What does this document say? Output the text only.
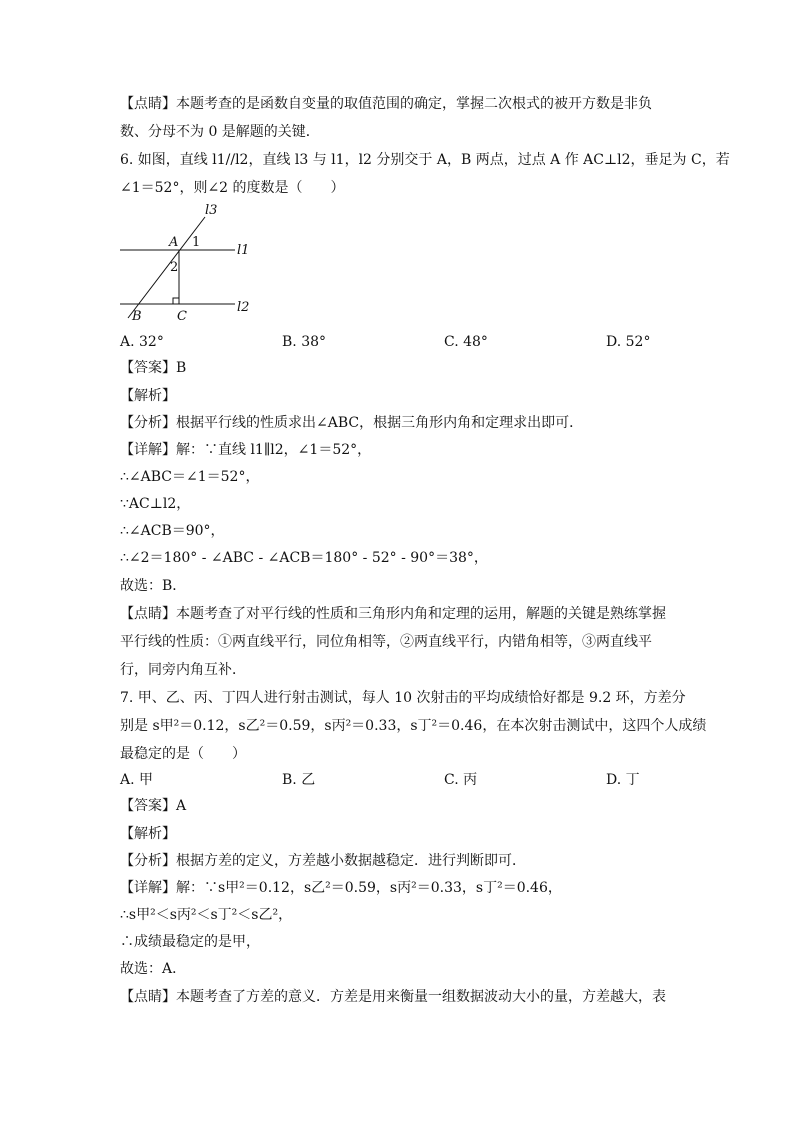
【点睛】本题考查的是函数自变量的取值范围的确定，掌握二次根式的被开方数是非负
数、分母不为 0 是解题的关键．
6. 如图，直线 l1//l2，直线 l3 与 l1，l2 分别交于 A，B 两点，过点 A 作 AC⊥l2，垂足为 C，若
∠1＝52°，则∠2 的度数是（　　）
l3
l1
l2
A
B	C
1
2
A. 32°	B. 38°	C. 48°	D. 52°
【答案】B
【解析】
【分析】根据平行线的性质求出∠ABC，根据三角形内角和定理求出即可．
【详解】解：∵直线 l1∥l2，∠1＝52°，
∴∠ABC＝∠1＝52°，
∵AC⊥l2，
∴∠ACB＝90°，
∴∠2＝180° - ∠ABC - ∠ACB＝180° - 52° - 90°＝38°，
故选：B．
【点睛】本题考查了对平行线的性质和三角形内角和定理的运用，解题的关键是熟练掌握
平行线的性质：①两直线平行，同位角相等，②两直线平行，内错角相等，③两直线平
行，同旁内角互补．
7. 甲、乙、丙、丁四人进行射击测试，每人 10 次射击的平均成绩恰好都是 9.2 环，方差分
别是 s甲²＝0.12，s乙²＝0.59，s丙²＝0.33，s丁²＝0.46，在本次射击测试中，这四个人成绩
最稳定的是（　　）
A. 甲	B. 乙	C. 丙	D. 丁
【答案】A
【解析】
【分析】根据方差的定义，方差越小数据越稳定．进行判断即可．
【详解】解：∵s甲²＝0.12，s乙²＝0.59，s丙²＝0.33，s丁²＝0.46，
∴s甲²＜s丙²＜s丁²＜s乙²，
∴成绩最稳定的是甲，
故选：A．
【点睛】本题考查了方差的意义．方差是用来衡量一组数据波动大小的量，方差越大，表
